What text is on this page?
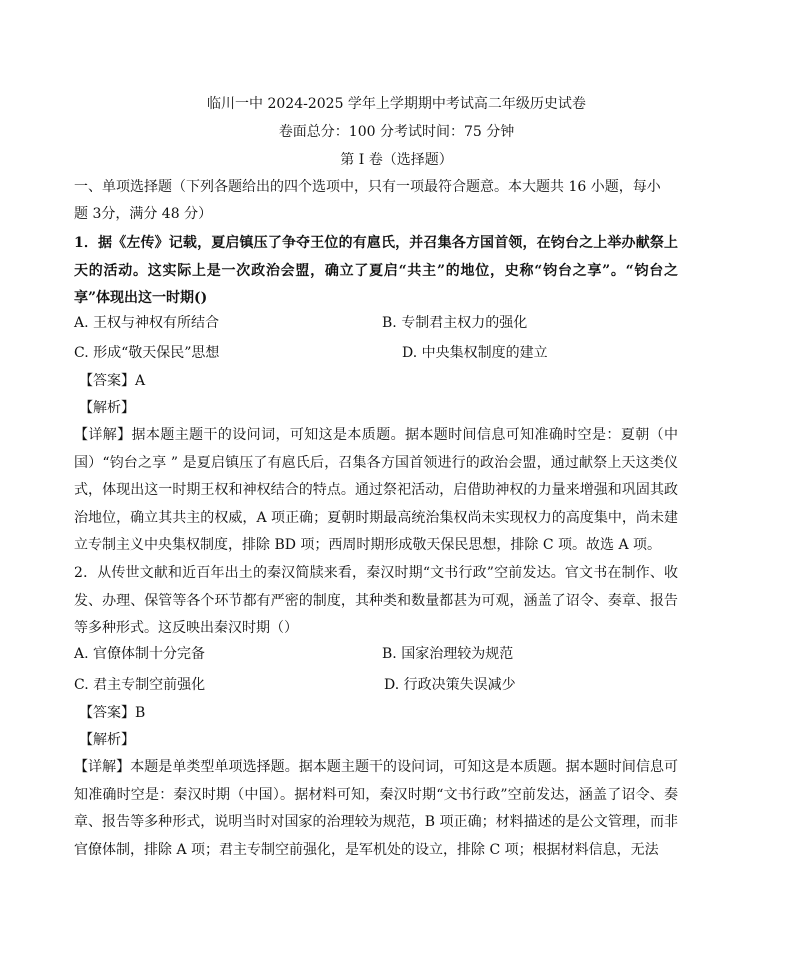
临川一中 2024-2025 学年上学期期中考试高二年级历史试卷
卷面总分：100 分考试时间：75 分钟
第 I 卷（选择题）
一、单项选择题（下列各题给出的四个选项中，只有一项最符合题意。本大题共 16 小题，每小
题 3分，满分 48 分）
1．据《左传》记载，夏启镇压了争夺王位的有扈氏，并召集各方国首领，在钧台之上举办献祭上天的活动。这实际上是一次政治会盟，确立了夏启“共主”的地位，史称“钧台之享”。“钧台之享”体现出这一时期()
A. 王权与神权有所结合	B. 专制君主权力的强化
C. 形成“敬天保民”思想	D. 中央集权制度的建立
【答案】A
【解析】
【详解】据本题主题干的设问词，可知这是本质题。据本题时间信息可知准确时空是：夏朝（中国）“钧台之享 ” 是夏启镇压了有扈氏后，召集各方国首领进行的政治会盟，通过献祭上天这类仪式，体现出这一时期王权和神权结合的特点。通过祭祀活动，启借助神权的力量来增强和巩固其政治地位，确立其共主的权威，A 项正确；夏朝时期最高统治集权尚未实现权力的高度集中，尚未建立专制主义中央集权制度，排除 BD 项；西周时期形成敬天保民思想，排除 C 项。故选 A 项。
2．从传世文献和近百年出土的秦汉简牍来看，秦汉时期“文书行政”空前发达。官文书在制作、收发、办理、保管等各个环节都有严密的制度，其种类和数量都甚为可观，涵盖了诏令、奏章、报告等多种形式。这反映出秦汉时期（）
A. 官僚体制十分完备	B. 国家治理较为规范
C. 君主专制空前强化	D. 行政决策失误减少
【答案】B
【解析】
【详解】本题是单类型单项选择题。据本题主题干的设问词，可知这是本质题。据本题时间信息可知准确时空是：秦汉时期（中国）。据材料可知，秦汉时期“文书行政”空前发达，涵盖了诏令、奏章、报告等多种形式，说明当时对国家的治理较为规范，B 项正确；材料描述的是公文管理，而非官僚体制，排除 A 项；君主专制空前强化，是军机处的设立，排除 C 项；根据材料信息，无法
